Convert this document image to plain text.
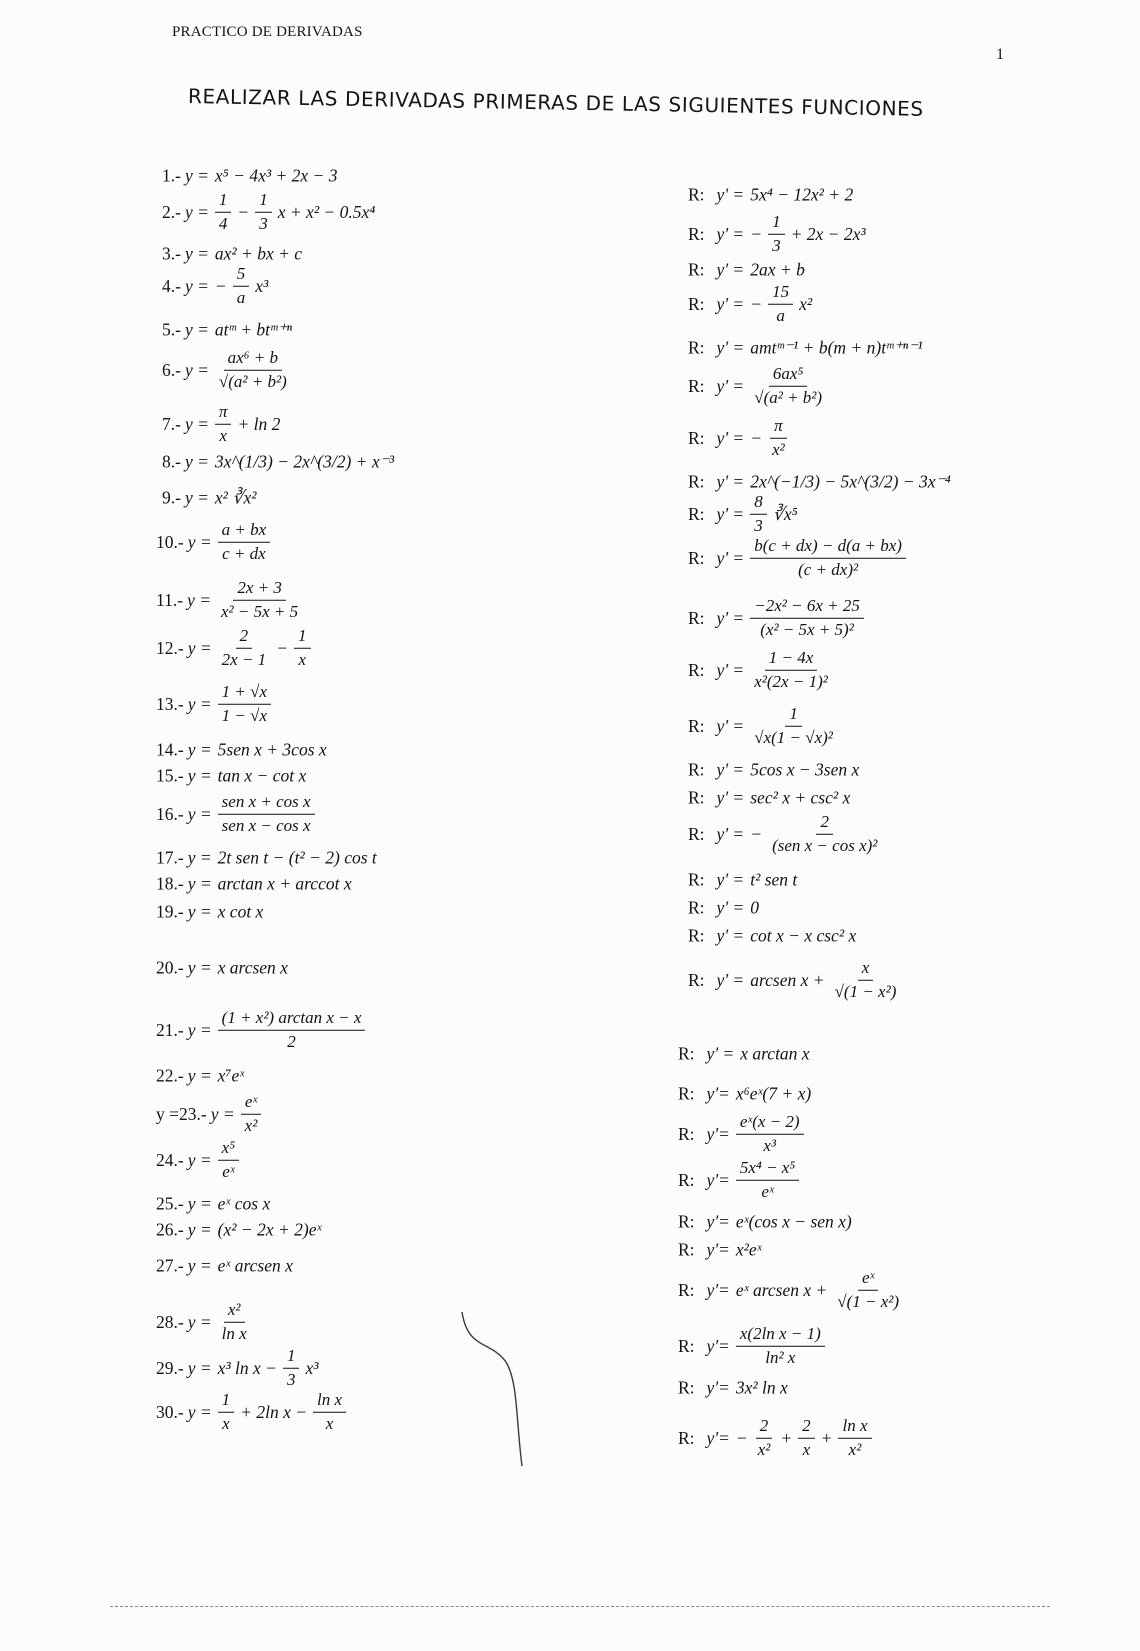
PRACTICO DE DERIVADAS
1
REALIZAR LAS DERIVADAS PRIMERAS DE LAS SIGUIENTES FUNCIONES
1.- y = x⁵ − 4x³ + 2x − 3
2.- $y = \frac{1}{4} - \frac{1}{3}$ x + x² − 0.5x⁴
3.- y = ax² + bx + c
4.- y = − $\frac{5}{a} x^3$
5.- y = atᵐ + btᵐ⁺ⁿ
6.- $y = \frac{\text{ax⁶ + b}}{\text{√(a² + b²)}}$
7.- $y = \frac{\pi}{x} + \ln 2$
8.- y = 3x^(1/3) − 2x^(3/2) + x⁻³
9.- y = x² ∛x²
10.- $y = \frac{a + bx}{c + dx}$
11.- $y = \frac{2x + 3}{\text{x² − 5x + 5}}$
12.- $y = \frac{2}{2x - 1} - \frac{1}{x}$
13.- $y = \frac{1 + √x}{1 - √x}$
14.- y = 5sen x + 3cos x
15.- y = tan x − cot x
16.- $y = \frac{\text{sen x + cos x}}{\text{sen x − cos x}}$
17.- y = 2t sen t − (t² − 2) cos t
18.- y = arctan x + arccot x
19.- y = x cot x
20.- y = x arcsen x
21.- $y = \frac{\text{(1 + x²) arctan x − x}}{2}$
22.- y = x⁷eˣ
y =23.- $y = \frac{\text{eˣ}}{\text{x²}}$
24.- $y = \frac{\text{x⁵}}{\text{eˣ}}$
25.- y = eˣ cos x
26.- y = (x² − 2x + 2)eˣ
27.- y = eˣ arcsen x
28.- $y = \frac{\text{x²}}{\text{ln x}}$
29.- y = x³ $\ln x - \frac{1}{3} x^3$
30.- $y = \frac{1}{x} + 2\ln$ $x - \frac{\text{ln x}}{x}$
R: y' = 5x⁴ − 12x² + 2
R: y' = − $\frac{1}{3} + 2x - 2x^3$
R: y' = 2ax + b
R: y' = − $\frac{15}{a} x^2$
R: y' = amtᵐ⁻¹ + b(m + n)tᵐ⁺ⁿ⁻¹
R: $y' = \frac{\text{6ax⁵}}{\text{√(a² + b²)}}$
R: y' = − $\frac{\pi}{\text{x²}}$
R: y' = 2x^(−1/3) − 5x^(3/2) − 3x⁻⁴
R: $y' = \frac{8}{3}$ ∛x⁵
R: $y' = \frac{b(c + dx) - d(a + bx)}{\text{(c + dx)²}}$
R: $y' = \frac{\text{−2x² − 6x + 25}}{\text{(x² − 5x + 5)²}}$
R: $y' = \frac{1 - 4x}{\text{x²(2x − 1)²}}$
R: $y' = \frac{1}{\text{√x(1 − √x)²}}$
R: y' = 5cos x − 3sen x
R: y' = sec² x + csc² x
R: y' = − $\frac{2}{\text{(sen x − cos x)²}}$
R: y' = t² sen t
R: y' = 0
R: y' = cot x − x csc² x
R: y' = arcsen $x + \frac{x}{\text{√(1 − x²)}}$
R: y' = x arctan x
R: y'= x⁶eˣ(7 + x)
R: $y'= \frac{\text{eˣ(x − 2)}}{\text{x³}}$
R: $y'= \frac{\text{5x⁴ − x⁵}}{\text{eˣ}}$
R: y'= eˣ(cos x − sen x)
R: y'= x²eˣ
R: y'= eˣ arcsen $x + \frac{\text{eˣ}}{\text{√(1 − x²)}}$
R: $y'= \frac{\text{x(2ln x − 1)}}{\text{ln² x}}$
R: y'= 3x² ln x
R: $y'= - \frac{2}{\text{x²}} + \frac{2}{x} + \frac{\text{ln x}}{\text{x²}}$
